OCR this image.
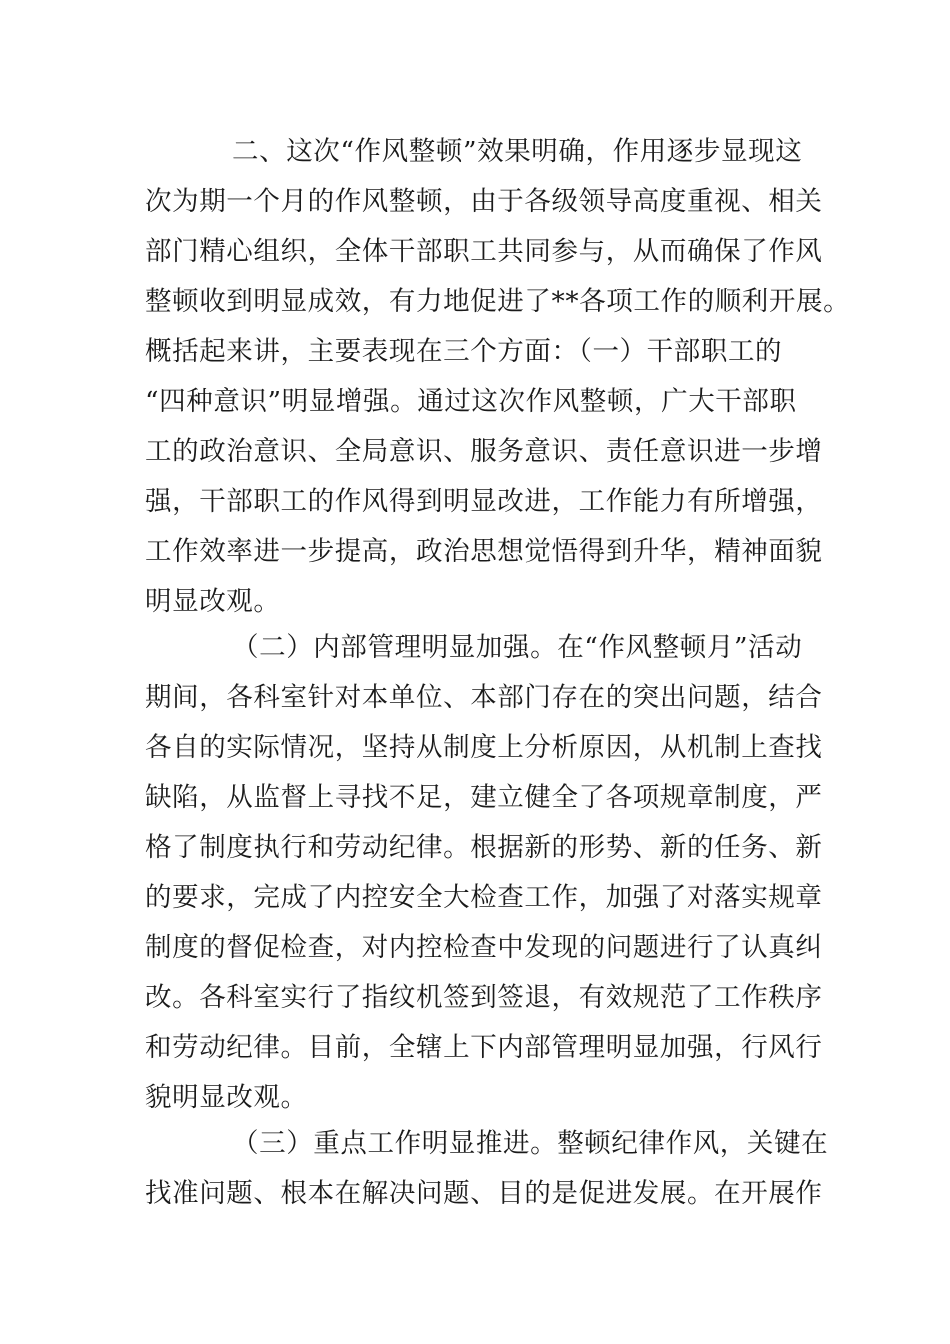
二、这次“作风整顿”效果明确，作用逐步显现这
次为期一个月的作风整顿，由于各级领导高度重视、相关
部门精心组织，全体干部职工共同参与，从而确保了作风
整顿收到明显成效，有力地促进了**各项工作的顺利开展。
概括起来讲，主要表现在三个方面：（一）干部职工的
“四种意识”明显增强。通过这次作风整顿，广大干部职
工的政治意识、全局意识、服务意识、责任意识进一步增
强，干部职工的作风得到明显改进，工作能力有所增强，
工作效率进一步提高，政治思想觉悟得到升华，精神面貌
明显改观。
（二）内部管理明显加强。在“作风整顿月”活动
期间，各科室针对本单位、本部门存在的突出问题，结合
各自的实际情况，坚持从制度上分析原因，从机制上查找
缺陷，从监督上寻找不足，建立健全了各项规章制度，严
格了制度执行和劳动纪律。根据新的形势、新的任务、新
的要求，完成了内控安全大检查工作，加强了对落实规章
制度的督促检查，对内控检查中发现的问题进行了认真纠
改。各科室实行了指纹机签到签退，有效规范了工作秩序
和劳动纪律。目前，全辖上下内部管理明显加强，行风行
貌明显改观。
（三）重点工作明显推进。整顿纪律作风，关键在
找准问题、根本在解决问题、目的是促进发展。在开展作
